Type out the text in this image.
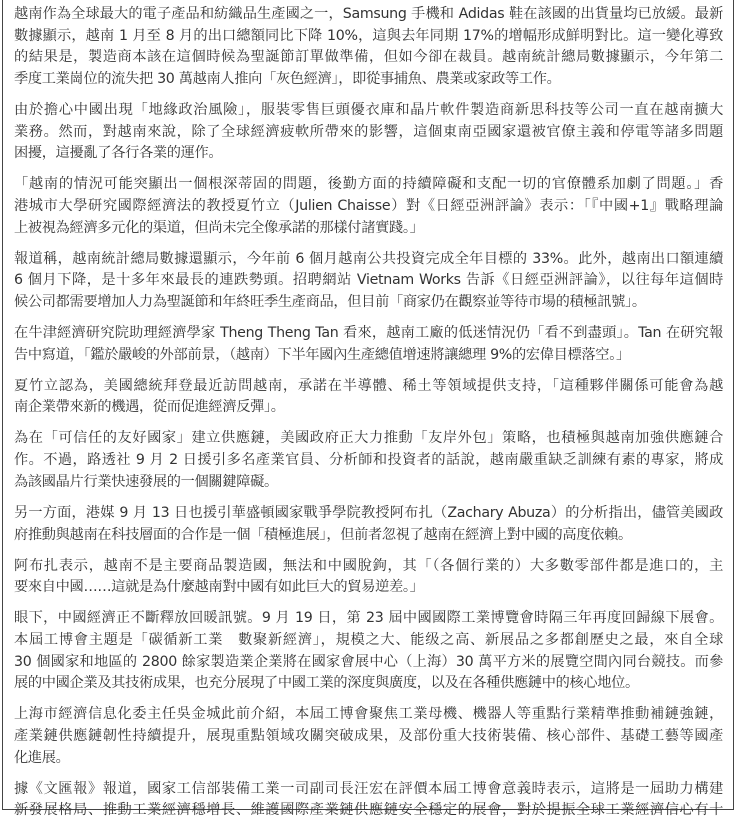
越南作為全球最大的電子產品和紡織品生產國之一，Samsung 手機和 Adidas 鞋在該國的出貨量均已放緩。最新
數據顯示，越南 1 月至 8 月的出口總額同比下降 10%，這與去年同期 17%的增幅形成鮮明對比。這一變化導致
的結果是，製造商本該在這個時候為聖誕節訂單做準備，但如今卻在裁員。越南統計總局數據顯示，今年第二
季度工業崗位的流失把 30 萬越南人推向「灰色經濟」，即從事捕魚、農業或家政等工作。
由於擔心中國出現「地緣政治風險」，服裝零售巨頭優衣庫和晶片軟件製造商新思科技等公司一直在越南擴大
業務。然而，對越南來說，除了全球經濟疲軟所帶來的影響，這個東南亞國家還被官僚主義和停電等諸多問題
困擾，這擾亂了各行各業的運作。
「越南的情況可能突顯出一個根深蒂固的問題，後勤方面的持續障礙和支配一切的官僚體系加劇了問題。」香
港城市大學研究國際經濟法的教授夏竹立（Julien Chaisse）對《日經亞洲評論》表示：「『中國+1』戰略理論
上被視為經濟多元化的渠道，但尚未完全像承諾的那樣付諸實踐。」
報道稱，越南統計總局數據還顯示，今年前 6 個月越南公共投資完成全年目標的 33%。此外，越南出口額連續
6 個月下降，是十多年來最長的連跌勢頭。招聘網站 Vietnam Works 告訴《日經亞洲評論》，以往每年這個時
候公司都需要增加人力為聖誕節和年終旺季生產商品，但目前「商家仍在觀察並等待市場的積極訊號」。
在牛津經濟研究院助理經濟學家 Theng Theng Tan 看來，越南工廠的低迷情況仍「看不到盡頭」。Tan 在研究報
告中寫道，「鑑於嚴峻的外部前景，（越南）下半年國內生產總值增速將讓總理 9%的宏偉目標落空。」
夏竹立認為，美國總統拜登最近訪問越南，承諾在半導體、稀土等領域提供支持，「這種夥伴關係可能會為越
南企業帶來新的機遇，從而促進經濟反彈」。
為在「可信任的友好國家」建立供應鏈，美國政府正大力推動「友岸外包」策略，也積極與越南加強供應鏈合
作。不過，路透社 9 月 2 日援引多名產業官員、分析師和投資者的話說，越南嚴重缺乏訓練有素的專家，將成
為該國晶片行業快速發展的一個關鍵障礙。
另一方面，港媒 9 月 13 日也援引華盛頓國家戰爭學院教授阿布扎（Zachary Abuza）的分析指出，儘管美國政
府推動與越南在科技層面的合作是一個「積極進展」，但前者忽視了越南在經濟上對中國的高度依賴。
阿布扎表示，越南不是主要商品製造國，無法和中國脫鉤，其「（各個行業的）大多數零部件都是進口的，主
要來自中國……這就是為什麼越南對中國有如此巨大的貿易逆差。」
眼下，中國經濟正不斷釋放回暖訊號。9 月 19 日，第 23 屆中國國際工業博覽會時隔三年再度回歸線下展會。
本屆工博會主題是「碳循新工業　數聚新經濟」，規模之大、能级之高、新展品之多都創歷史之最，來自全球
30 個國家和地區的 2800 餘家製造業企業將在國家會展中心（上海）30 萬平方米的展覽空間內同台競技。而參
展的中國企業及其技術成果，也充分展現了中國工業的深度與廣度，以及在各種供應鏈中的核心地位。
上海市經濟信息化委主任吳金城此前介紹，本屆工博會聚焦工業母機、機器人等重點行業精準推動補鏈強鏈，
產業鏈供應鏈韌性持續提升，展現重點領域攻關突破成果，及部份重大技術裝備、核心部件、基礎工藝等國產
化進展。
據《文匯報》報道，國家工信部裝備工業一司副司長汪宏在評價本屆工博會意義時表示，這將是一屆助力構建
新發展格局、推動工業經濟穩增長、維護國際產業鏈供應鏈安全穩定的展會，對於提振全球工業經濟信心有十
